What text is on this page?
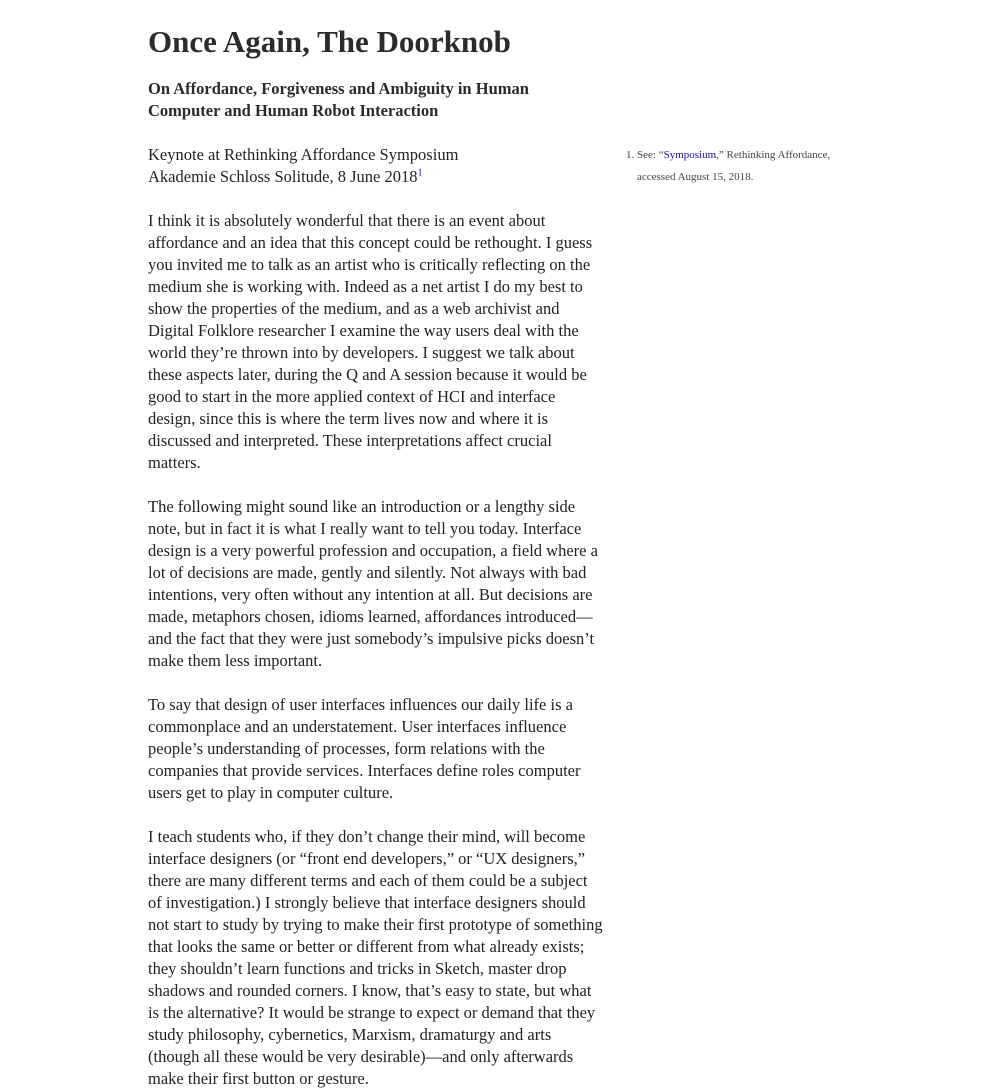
Once Again, The Doorknob
On Affordance, Forgiveness and Ambiguity in Human Computer and Human Robot Interaction
Keynote at Rethinking Affordance Symposium
Akademie Schloss Solitude, 8 June 2018$^1$

I think it is absolutely wonderful that there is an event about affordance and an idea that this concept could be rethought. I guess you invited me to talk as an artist who is critically reflecting on the medium she is working with. Indeed as a net artist I do my best to show the properties of the medium, and as a web archivist and Digital Folklore researcher I examine the way users deal with the world they’re thrown into by developers. I suggest we talk about these aspects later, during the Q and A session because it would be good to start in the more applied context of HCI and interface design, since this is where the term lives now and where it is discussed and interpreted. These interpretations affect crucial matters.

The following might sound like an introduction or a lengthy side note, but in fact it is what I really want to tell you today. Interface design is a very powerful profession and occupation, a field where a lot of decisions are made, gently and silently. Not always with bad intentions, very often without any intention at all. But decisions are made, metaphors chosen, idioms learned, affordances introduced—and the fact that they were just somebody’s impulsive picks doesn’t make them less important.

To say that design of user interfaces influences our daily life is a commonplace and an understatement. User interfaces influence people’s understanding of processes, form relations with the companies that provide services. Interfaces define roles computer users get to play in computer culture.

I teach students who, if they don’t change their mind, will become interface designers (or “front end developers,” or “UX designers,” there are many different terms and each of them could be a subject of investigation.) I strongly believe that interface designers should not start to study by trying to make their first prototype of something that looks the same or better or different from what already exists; they shouldn’t learn functions and tricks in Sketch, master drop shadows and rounded corners. I know, that’s easy to state, but what is the alternative? It would be strange to expect or demand that they study philosophy, cybernetics, Marxism, dramaturgy and arts (though all these would be very desirable)—and only afterwards make their first button or gesture.

1. See: “Symposium,” Rethinking Affordance, accessed August 15, 2018.
